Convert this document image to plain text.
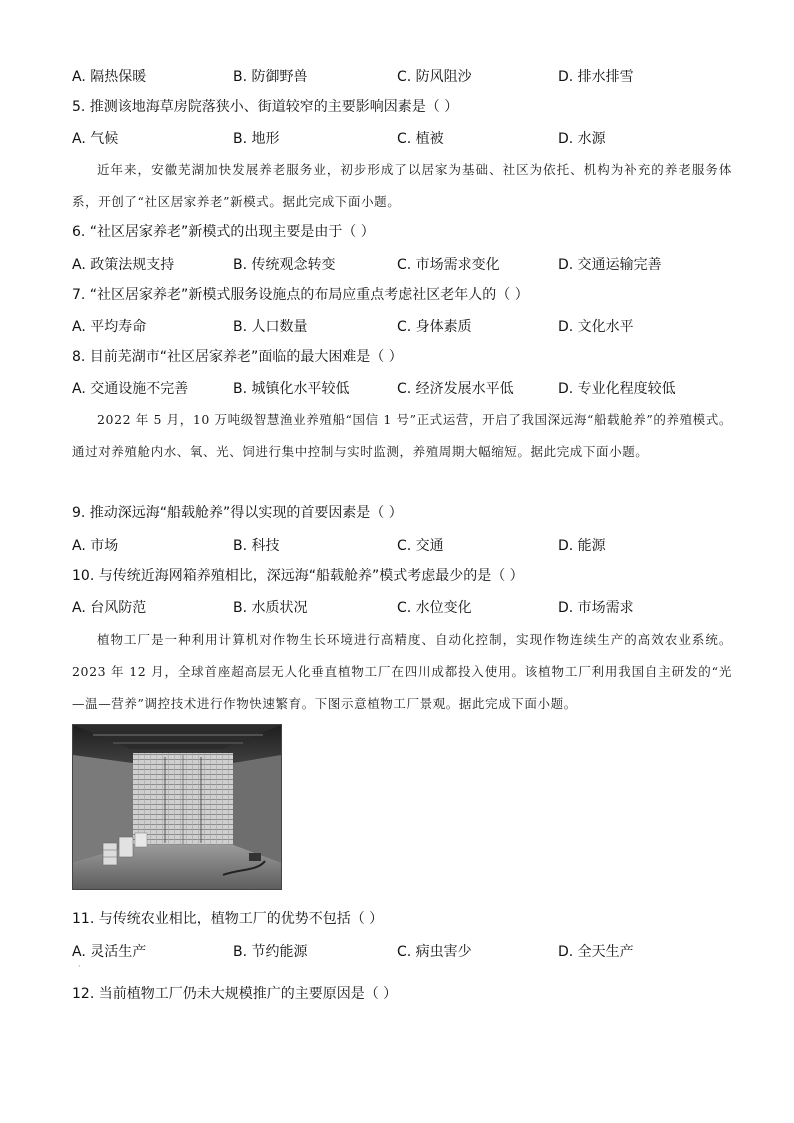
A. 隔热保暖	B. 防御野兽	C. 防风阻沙	D. 排水排雪
5. 推测该地海草房院落狭小、街道较窄的主要影响因素是（ ）
A. 气候	B. 地形	C. 植被	D. 水源
近年来，安徽芜湖加快发展养老服务业，初步形成了以居家为基础、社区为依托、机构为补充的养老服务体系，开创了“社区居家养老”新模式。据此完成下面小题。
6. “社区居家养老”新模式的出现主要是由于（ ）
A. 政策法规支持	B. 传统观念转变	C. 市场需求变化	D. 交通运输完善
7. “社区居家养老”新模式服务设施点的布局应重点考虑社区老年人的（ ）
A. 平均寿命	B. 人口数量	C. 身体素质	D. 文化水平
8. 目前芜湖市“社区居家养老”面临的最大困难是（ ）
A. 交通设施不完善	B. 城镇化水平较低	C. 经济发展水平低	D. 专业化程度较低
2022 年 5 月，10 万吨级智慧渔业养殖船“国信 1 号”正式运营，开启了我国深远海“船载舱养”的养殖模式。通过对养殖舱内水、氧、光、饲进行集中控制与实时监测，养殖周期大幅缩短。据此完成下面小题。
9. 推动深远海“船载舱养”得以实现的首要因素是（ ）
A. 市场	B. 科技	C. 交通	D. 能源
10. 与传统近海网箱养殖相比，深远海“船载舱养”模式考虑最少的是（ ）
A. 台风防范	B. 水质状况	C. 水位变化	D. 市场需求
植物工厂是一种利用计算机对作物生长环境进行高精度、自动化控制，实现作物连续生产的高效农业系统。2023 年 12 月，全球首座超高层无人化垂直植物工厂在四川成都投入使用。该植物工厂利用我国自主研发的“光—温—营养”调控技术进行作物快速繁育。下图示意植物工厂景观。据此完成下面小题。
11. 与传统农业相比，植物工厂的优势不包括（ ）
A. 灵活生产	B. 节约能源	C. 病虫害少	D. 全天生产
·
12. 当前植物工厂仍未大规模推广的主要原因是（ ）
